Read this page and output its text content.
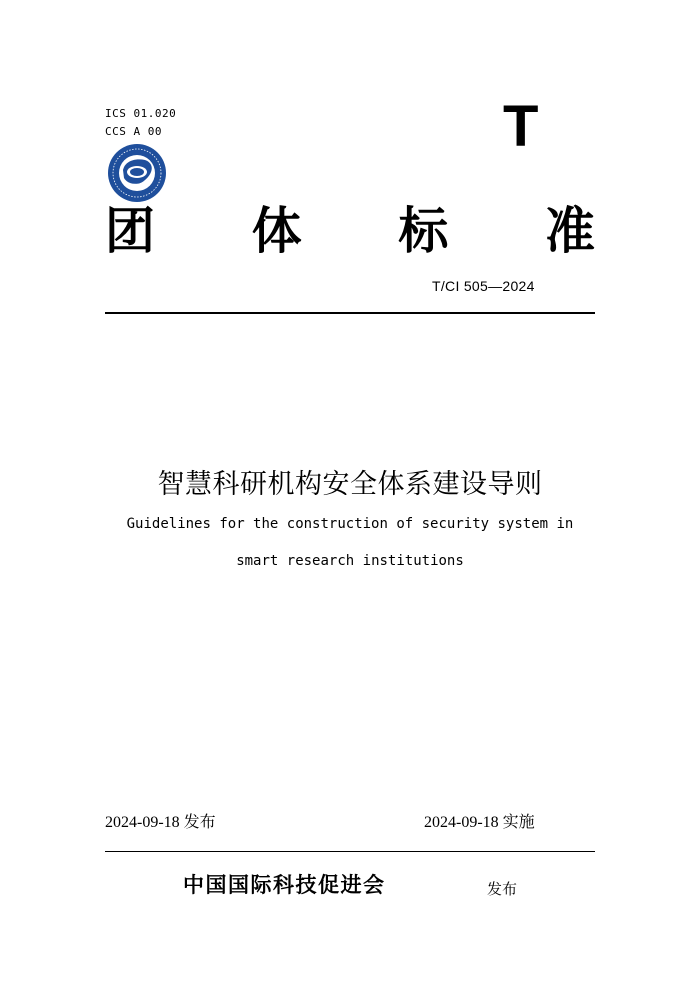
ICS 01.020
CCS A 00	T
团 体 标 准
T/CI 505—2024
智慧科研机构安全体系建设导则
Guidelines for the construction of security system in
smart research institutions
2024-09-18 发布	2024-09-18 实施
中国国际科技促进会	发布
